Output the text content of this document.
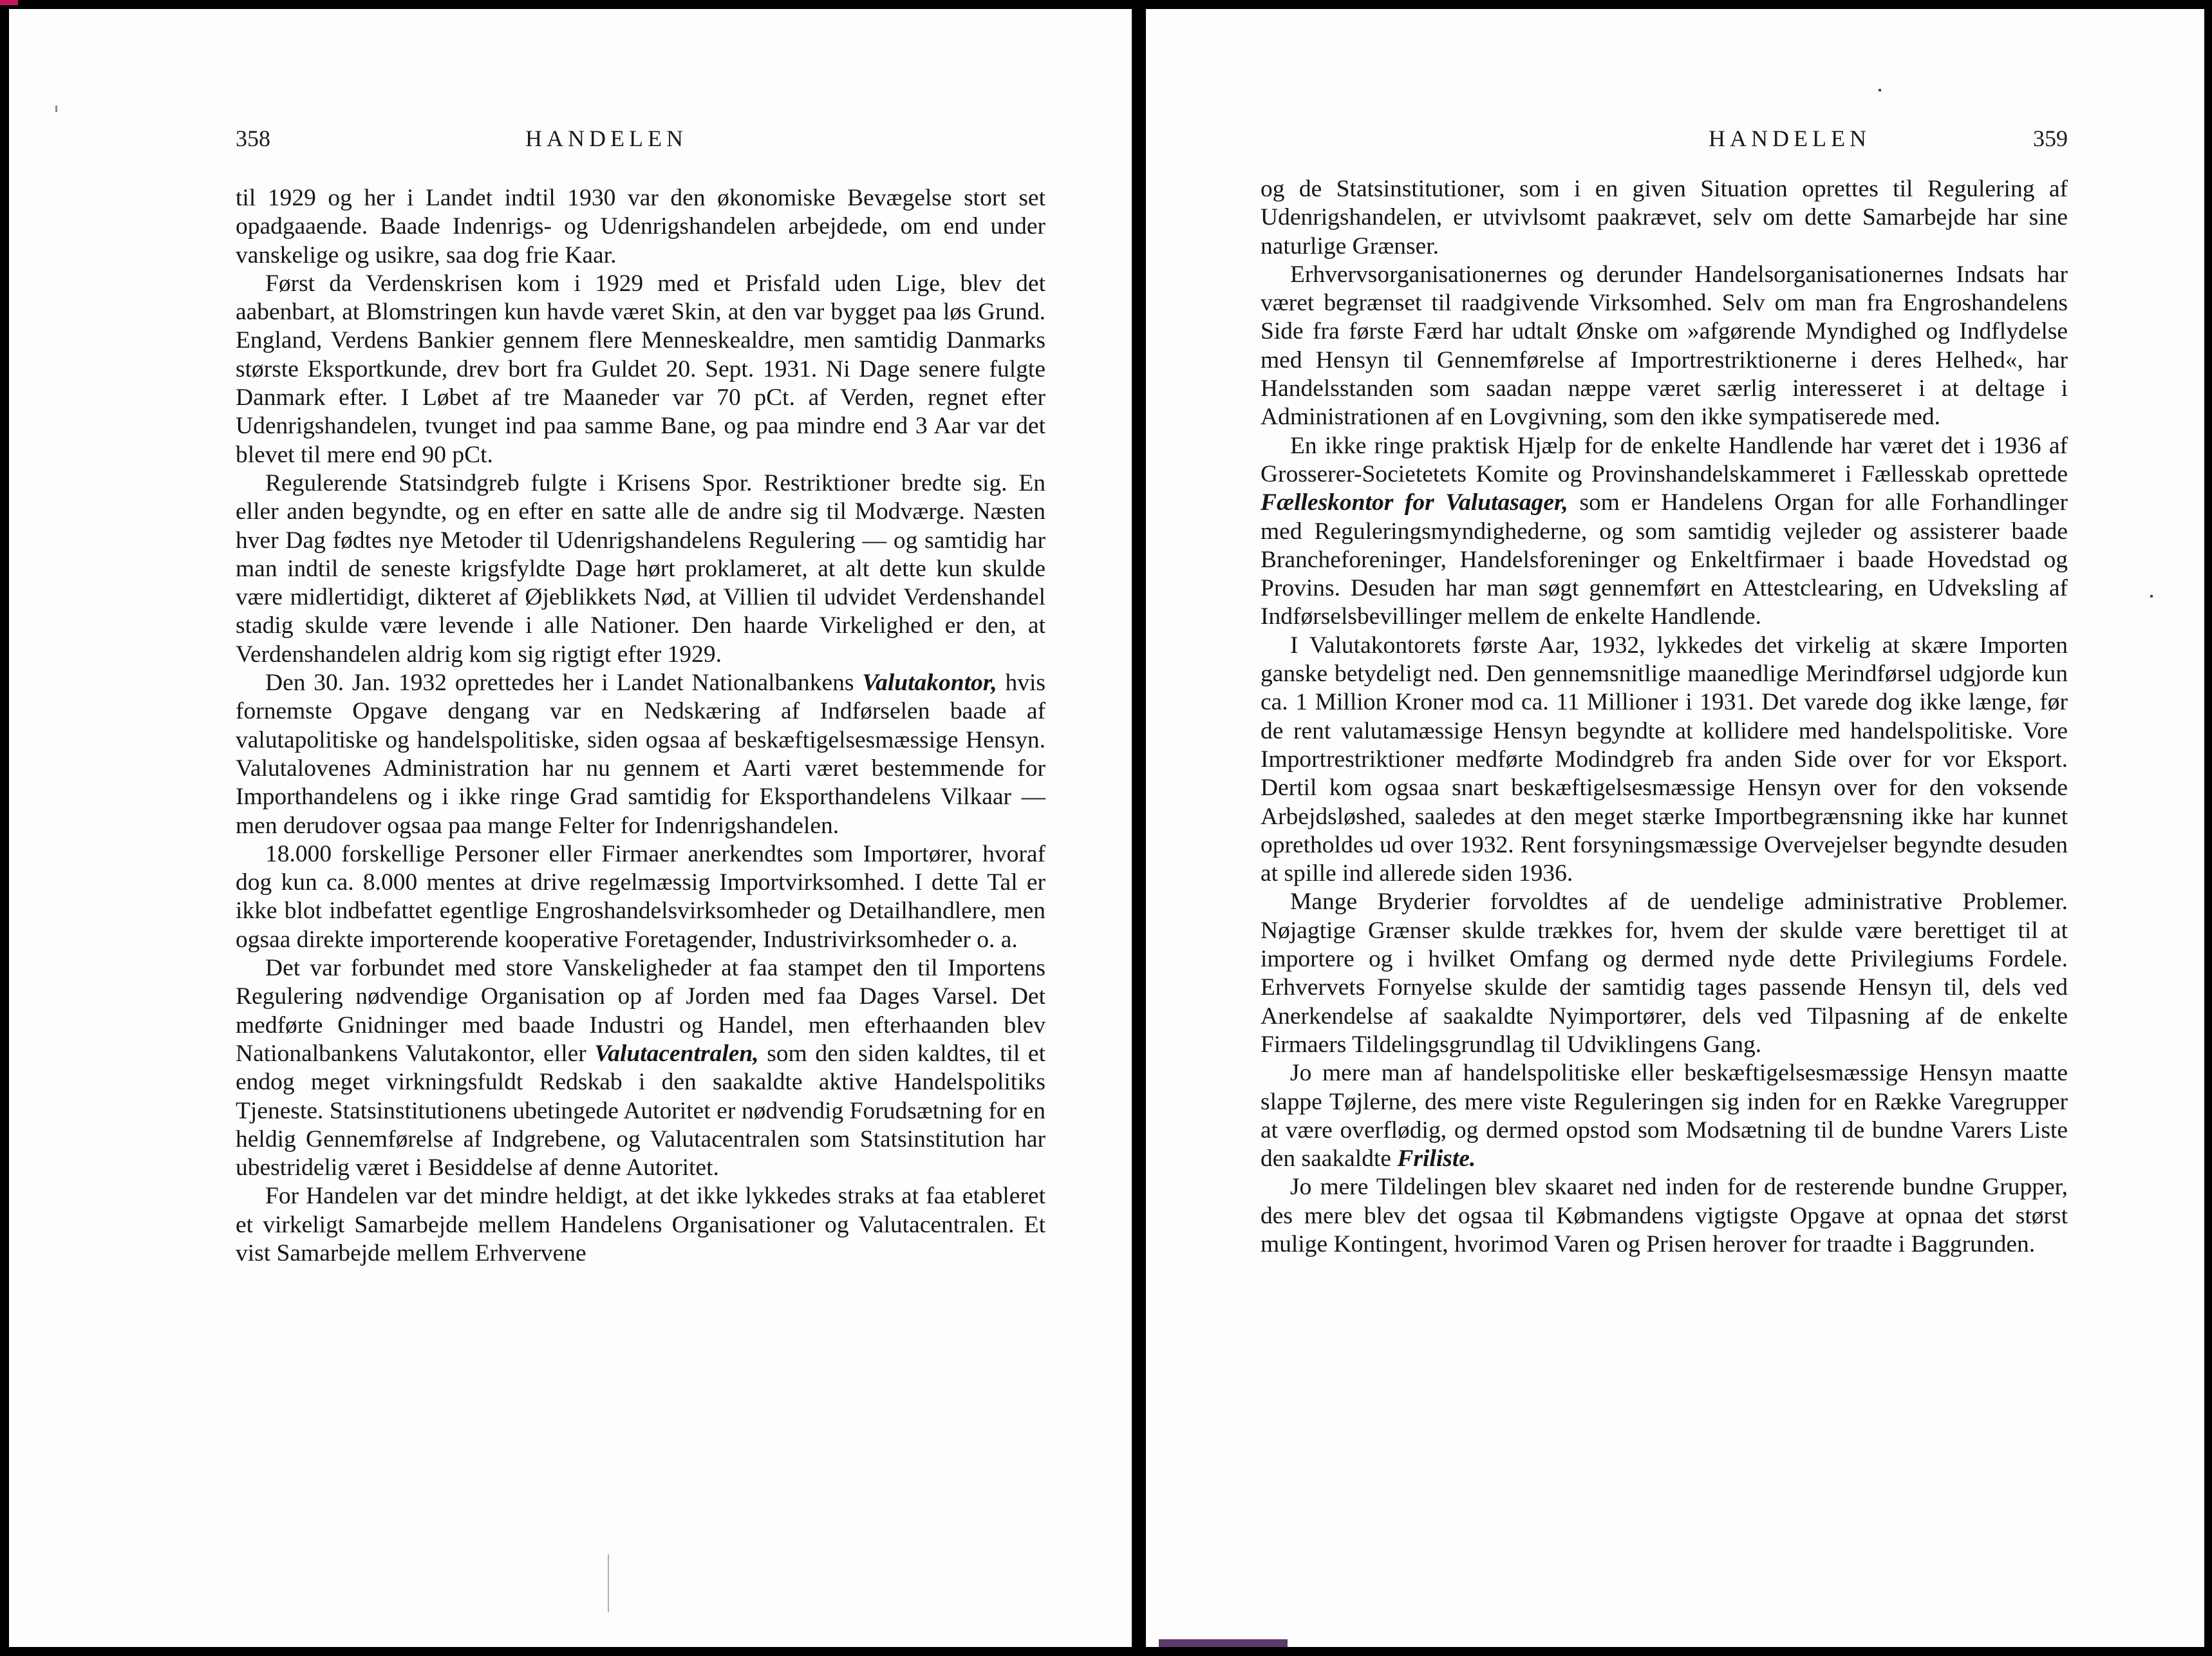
358	HANDELEN

til 1929 og her i Landet indtil 1930 var den økonomiske Bevægelse stort set opadgaaende. Baade Indenrigs- og Udenrigshandelen arbejdede, om end under vanskelige og usikre, saa dog frie Kaar.

Først da Verdenskrisen kom i 1929 med et Prisfald uden Lige, blev det aabenbart, at Blomstringen kun havde været Skin, at den var bygget paa løs Grund. England, Verdens Bankier gennem flere Menneskealdre, men samtidig Danmarks største Eksportkunde, drev bort fra Guldet 20. Sept. 1931. Ni Dage senere fulgte Danmark efter. I Løbet af tre Maaneder var 70 pCt. af Verden, regnet efter Udenrigshandelen, tvunget ind paa samme Bane, og paa mindre end 3 Aar var det blevet til mere end 90 pCt.

Regulerende Statsindgreb fulgte i Krisens Spor. Restriktioner bredte sig. En eller anden begyndte, og en efter en satte alle de andre sig til Modværge. Næsten hver Dag fødtes nye Metoder til Udenrigshandelens Regulering — og samtidig har man indtil de seneste krigsfyldte Dage hørt proklameret, at alt dette kun skulde være midlertidigt, dikteret af Øjeblikkets Nød, at Villien til udvidet Verdenshandel stadig skulde være levende i alle Nationer. Den haarde Virkelighed er den, at Verdenshandelen aldrig kom sig rigtigt efter 1929.

Den 30. Jan. 1932 oprettedes her i Landet Nationalbankens Valutakontor, hvis fornemste Opgave dengang var en Nedskæring af Indførselen baade af valutapolitiske og handelspolitiske, siden ogsaa af beskæftigelsesmæssige Hensyn. Valutalovenes Administration har nu gennem et Aarti været bestemmende for Importhandelens og i ikke ringe Grad samtidig for Eksporthandelens Vilkaar — men derudover ogsaa paa mange Felter for Indenrigshandelen.

18.000 forskellige Personer eller Firmaer anerkendtes som Importører, hvoraf dog kun ca. 8.000 mentes at drive regelmæssig Importvirksomhed. I dette Tal er ikke blot indbefattet egentlige Engroshandelsvirksomheder og Detailhandlere, men ogsaa direkte importerende kooperative Foretagender, Industrivirksomheder o. a.

Det var forbundet med store Vanskeligheder at faa stampet den til Importens Regulering nødvendige Organisation op af Jorden med faa Dages Varsel. Det medførte Gnidninger med baade Industri og Handel, men efterhaanden blev Nationalbankens Valutakontor, eller Valutacentralen, som den siden kaldtes, til et endog meget virkningsfuldt Redskab i den saakaldte aktive Handelspolitiks Tjeneste. Statsinstitutionens ubetingede Autoritet er nødvendig Forudsætning for en heldig Gennemførelse af Indgrebene, og Valutacentralen som Statsinstitution har ubestridelig været i Besiddelse af denne Autoritet.

For Handelen var det mindre heldigt, at det ikke lykkedes straks at faa etableret et virkeligt Samarbejde mellem Handelens Organisationer og Valutacentralen. Et vist Samarbejde mellem Erhvervene

HANDELEN	359

og de Statsinstitutioner, som i en given Situation oprettes til Regulering af Udenrigshandelen, er utvivlsomt paakrævet, selv om dette Samarbejde har sine naturlige Grænser.

Erhvervsorganisationernes og derunder Handelsorganisationernes Indsats har været begrænset til raadgivende Virksomhed. Selv om man fra Engroshandelens Side fra første Færd har udtalt Ønske om »afgørende Myndighed og Indflydelse med Hensyn til Gennemførelse af Importrestriktionerne i deres Helhed«, har Handelsstanden som saadan næppe været særlig interesseret i at deltage i Administrationen af en Lovgivning, som den ikke sympatiserede med.

En ikke ringe praktisk Hjælp for de enkelte Handlende har været det i 1936 af Grosserer-Societetets Komite og Provinshandelskammeret i Fællesskab oprettede Fælleskontor for Valutasager, som er Handelens Organ for alle Forhandlinger med Reguleringsmyndighederne, og som samtidig vejleder og assisterer baade Brancheforeninger, Handelsforeninger og Enkeltfirmaer i baade Hovedstad og Provins. Desuden har man søgt gennemført en Attestclearing, en Udveksling af Indførselsbevillinger mellem de enkelte Handlende.

I Valutakontorets første Aar, 1932, lykkedes det virkelig at skære Importen ganske betydeligt ned. Den gennemsnitlige maanedlige Merindførsel udgjorde kun ca. 1 Million Kroner mod ca. 11 Millioner i 1931. Det varede dog ikke længe, før de rent valutamæssige Hensyn begyndte at kollidere med handelspolitiske. Vore Importrestriktioner medførte Modindgreb fra anden Side over for vor Eksport. Dertil kom ogsaa snart beskæftigelsesmæssige Hensyn over for den voksende Arbejdsløshed, saaledes at den meget stærke Importbegrænsning ikke har kunnet opretholdes ud over 1932. Rent forsyningsmæssige Overvejelser begyndte desuden at spille ind allerede siden 1936.

Mange Bryderier forvoldtes af de uendelige administrative Problemer. Nøjagtige Grænser skulde trækkes for, hvem der skulde være berettiget til at importere og i hvilket Omfang og dermed nyde dette Privilegiums Fordele. Erhvervets Fornyelse skulde der samtidig tages passende Hensyn til, dels ved Anerkendelse af saakaldte Nyimportører, dels ved Tilpasning af de enkelte Firmaers Tildelingsgrundlag til Udviklingens Gang.

Jo mere man af handelspolitiske eller beskæftigelsesmæssige Hensyn maatte slappe Tøjlerne, des mere viste Reguleringen sig inden for en Række Varegrupper at være overflødig, og dermed opstod som Modsætning til de bundne Varers Liste den saakaldte Friliste.

Jo mere Tildelingen blev skaaret ned inden for de resterende bundne Grupper, des mere blev det ogsaa til Købmandens vigtigste Opgave at opnaa det størst mulige Kontingent, hvorimod Varen og Prisen herover for traadte i Baggrunden.
